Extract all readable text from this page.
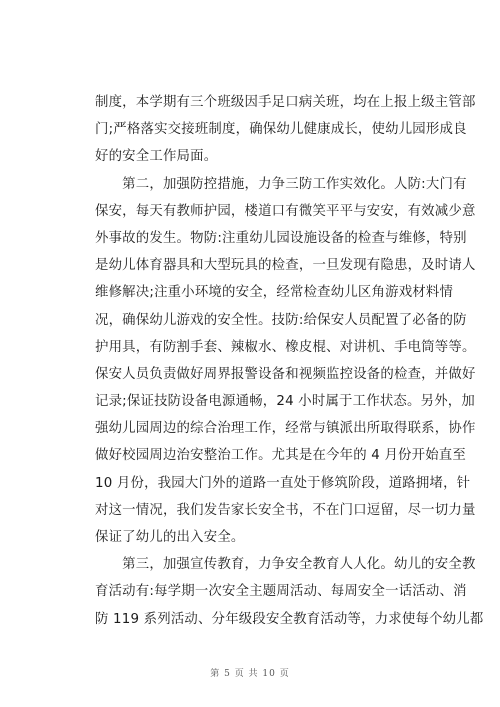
制度，本学期有三个班级因手足口病关班，均在上报上级主管部
门;严格落实交接班制度，确保幼儿健康成长，使幼儿园形成良
好的安全工作局面。
　　第二，加强防控措施，力争三防工作实效化。人防:大门有
保安，每天有教师护园，楼道口有微笑平平与安安，有效减少意
外事故的发生。物防:注重幼儿园设施设备的检查与维修，特别
是幼儿体育器具和大型玩具的检查，一旦发现有隐患，及时请人
维修解决;注重小环境的安全，经常检查幼儿区角游戏材料情
况，确保幼儿游戏的安全性。技防:给保安人员配置了必备的防
护用具，有防割手套、辣椒水、橡皮棍、对讲机、手电筒等等。
保安人员负责做好周界报警设备和视频监控设备的检查，并做好
记录;保证技防设备电源通畅，24 小时属于工作状态。另外，加
强幼儿园周边的综合治理工作，经常与镇派出所取得联系，协作
做好校园周边治安整治工作。尤其是在今年的 4 月份开始直至
10 月份，我园大门外的道路一直处于修筑阶段，道路拥堵，针
对这一情况，我们发告家长安全书，不在门口逗留，尽一切力量
保证了幼儿的出入安全。
　　第三，加强宣传教育，力争安全教育人人化。幼儿的安全教
育活动有:每学期一次安全主题周活动、每周安全一话活动、消
防 119 系列活动、分年级段安全教育活动等，力求使每个幼儿都
第 5 页 共 10 页
